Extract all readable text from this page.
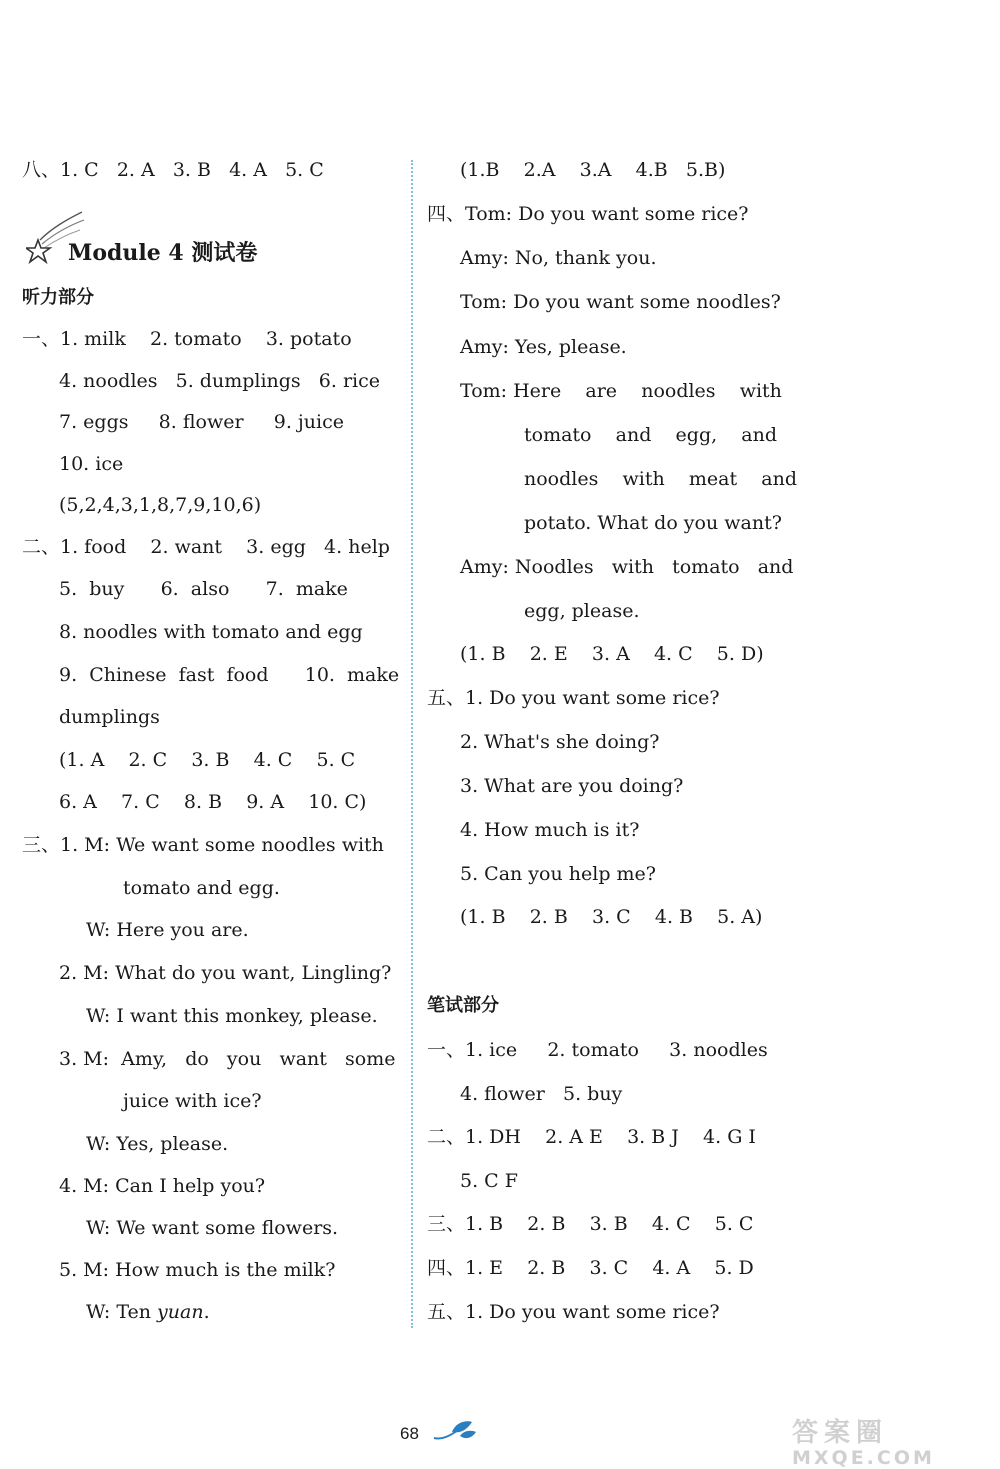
八、1. C   2. A   3. B   4. A   5. C
Module 4 测试卷
听力部分
一、1. milk    2. tomato    3. potato
4. noodles   5. dumplings   6. rice
7. eggs     8. flower     9. juice
10. ice
(5,2,4,3,1,8,7,9,10,6)
二、1. food    2. want    3. egg   4. help
5.  buy      6.  also      7.  make
8. noodles with tomato and egg
9.  Chinese  fast  food      10.  make
dumplings
(1. A    2. C    3. B    4. C    5. C
6. A    7. C    8. B    9. A    10. C)
三、1. M: We want some noodles with
tomato and egg.
W: Here you are.
2. M: What do you want, Lingling?
W: I want this monkey, please.
3. M:  Amy,   do   you   want   some
juice with ice?
W: Yes, please.
4. M: Can I help you?
W: We want some flowers.
5. M: How much is the milk?
W: Ten yuan.
(1.B    2.A    3.A    4.B   5.B)
四、Tom: Do you want some rice?
Amy: No, thank you.
Tom: Do you want some noodles?
Amy: Yes, please.
Tom: Here    are    noodles    with
tomato    and    egg,    and
noodles    with    meat    and
potato. What do you want?
Amy: Noodles   with   tomato   and
egg, please.
(1. B    2. E    3. A    4. C    5. D)
五、1. Do you want some rice?
2. What's she doing?
3. What are you doing?
4. How much is it?
5. Can you help me?
(1. B    2. B    3. C    4. B    5. A)
笔试部分
一、1. ice     2. tomato     3. noodles
4. flower   5. buy
二、1. DH    2. A E    3. B J    4. G I
5. C F
三、1. B    2. B    3. B    4. C    5. C
四、1. E    2. B    3. C    4. A    5. D
五、1. Do you want some rice?
68	答案圈
MXQE.COM
